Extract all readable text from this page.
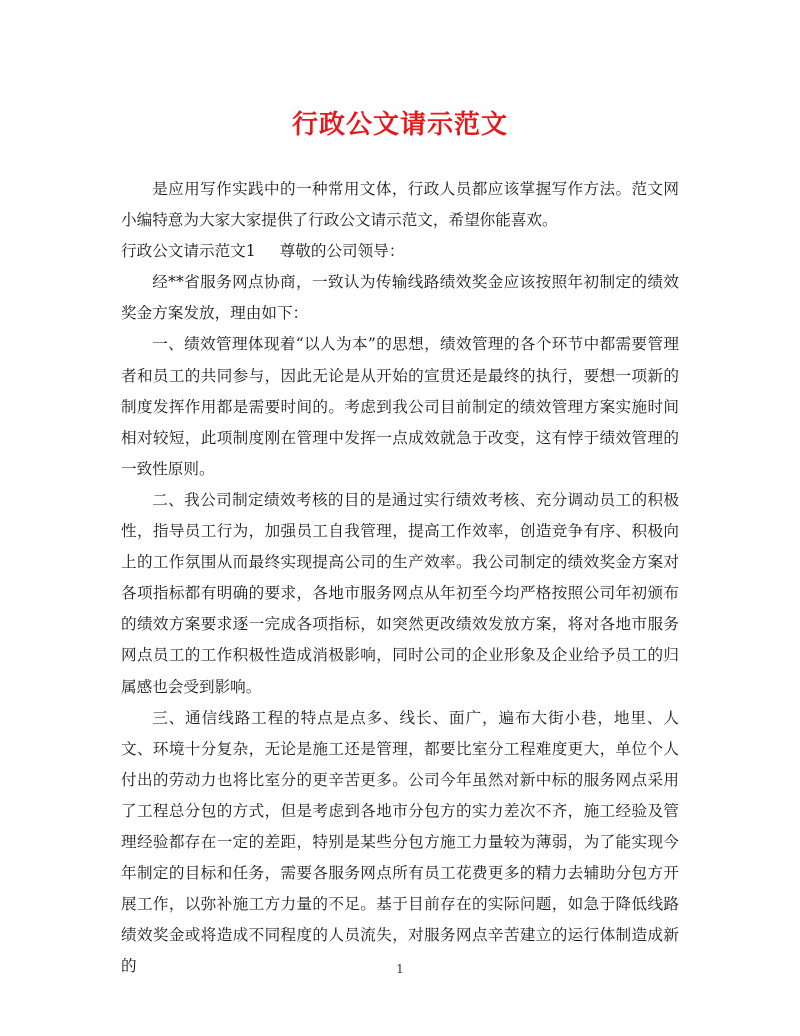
行政公文请示范文

是应用写作实践中的一种常用文体，行政人员都应该掌握写作方法。范文网小编特意为大家大家提供了行政公文请示范文，希望你能喜欢。

行政公文请示范文1 尊敬的公司领导：

经**省服务网点协商，一致认为传输线路绩效奖金应该按照年初制定的绩效奖金方案发放，理由如下：

一、绩效管理体现着“以人为本”的思想，绩效管理的各个环节中都需要管理者和员工的共同参与，因此无论是从开始的宣贯还是最终的执行，要想一项新的制度发挥作用都是需要时间的。考虑到我公司目前制定的绩效管理方案实施时间相对较短，此项制度刚在管理中发挥一点成效就急于改变，这有悖于绩效管理的一致性原则。

二、我公司制定绩效考核的目的是通过实行绩效考核、充分调动员工的积极性，指导员工行为，加强员工自我管理，提高工作效率，创造竞争有序、积极向上的工作氛围从而最终实现提高公司的生产效率。我公司制定的绩效奖金方案对各项指标都有明确的要求，各地市服务网点从年初至今均严格按照公司年初颁布的绩效方案要求逐一完成各项指标，如突然更改绩效发放方案，将对各地市服务网点员工的工作积极性造成消极影响，同时公司的企业形象及企业给予员工的归属感也会受到影响。

三、通信线路工程的特点是点多、线长、面广，遍布大街小巷，地里、人文、环境十分复杂，无论是施工还是管理，都要比室分工程难度更大，单位个人付出的劳动力也将比室分的更辛苦更多。公司今年虽然对新中标的服务网点采用了工程总分包的方式，但是考虑到各地市分包方的实力差次不齐，施工经验及管理经验都存在一定的差距，特别是某些分包方施工力量较为薄弱，为了能实现今年制定的目标和任务，需要各服务网点所有员工花费更多的精力去辅助分包方开展工作，以弥补施工方力量的不足。基于目前存在的实际问题，如急于降低线路绩效奖金或将造成不同程度的人员流失，对服务网点辛苦建立的运行体制造成新的	1
